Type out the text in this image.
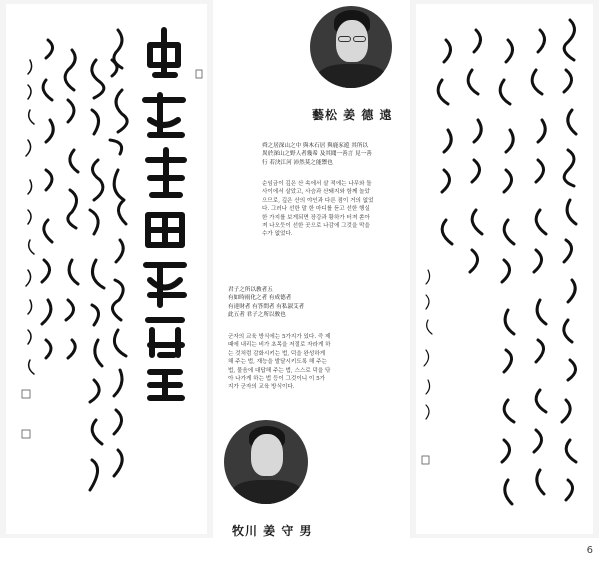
藝松 姜 德 遠
舜之居深山之中 與木石居 與鹿豕遊 其所以
異於深山之野人者幾希 及其聞一善言 見一善
行 若決江河 沛然莫之能禦也
순임금이 깊은 산 속에서 살 적에는 나무와 돌
사이에서 살았고, 사슴과 산돼지와 함께 놀았
으므로, 깊은 산의 야인과 다른 점이 거의 없었
다. 그러나 선한 말 한 마디를 듣고 선한 행실
한 가지를 보게되면 장강과 황하가 터져 쏟아
져 나오듯이 선한 곳으로 나감에 그것을 막을
수가 없었다.
君子之所以敎者五
有如時雨化之者 有成德者
有達財者 有答問者 有私淑艾者
此五者 君子之所以敎也
군자의 교육 방식에는 5가지가 있다. 즉 제
때에 내리는 비가 초목을 저절로 자라게 하
는 것처럼 감화시키는 법, 덕을 완성하게
해 주는 법, 재능을 발달시키도록 해 주는
법, 물음에 대답해 주는 법, 스스로 덕을 닦
아 나가게 하는 법 등이 그것이니 이 5가
지가 군자의 교육 방식이다.
牧川 姜 守 男
6
